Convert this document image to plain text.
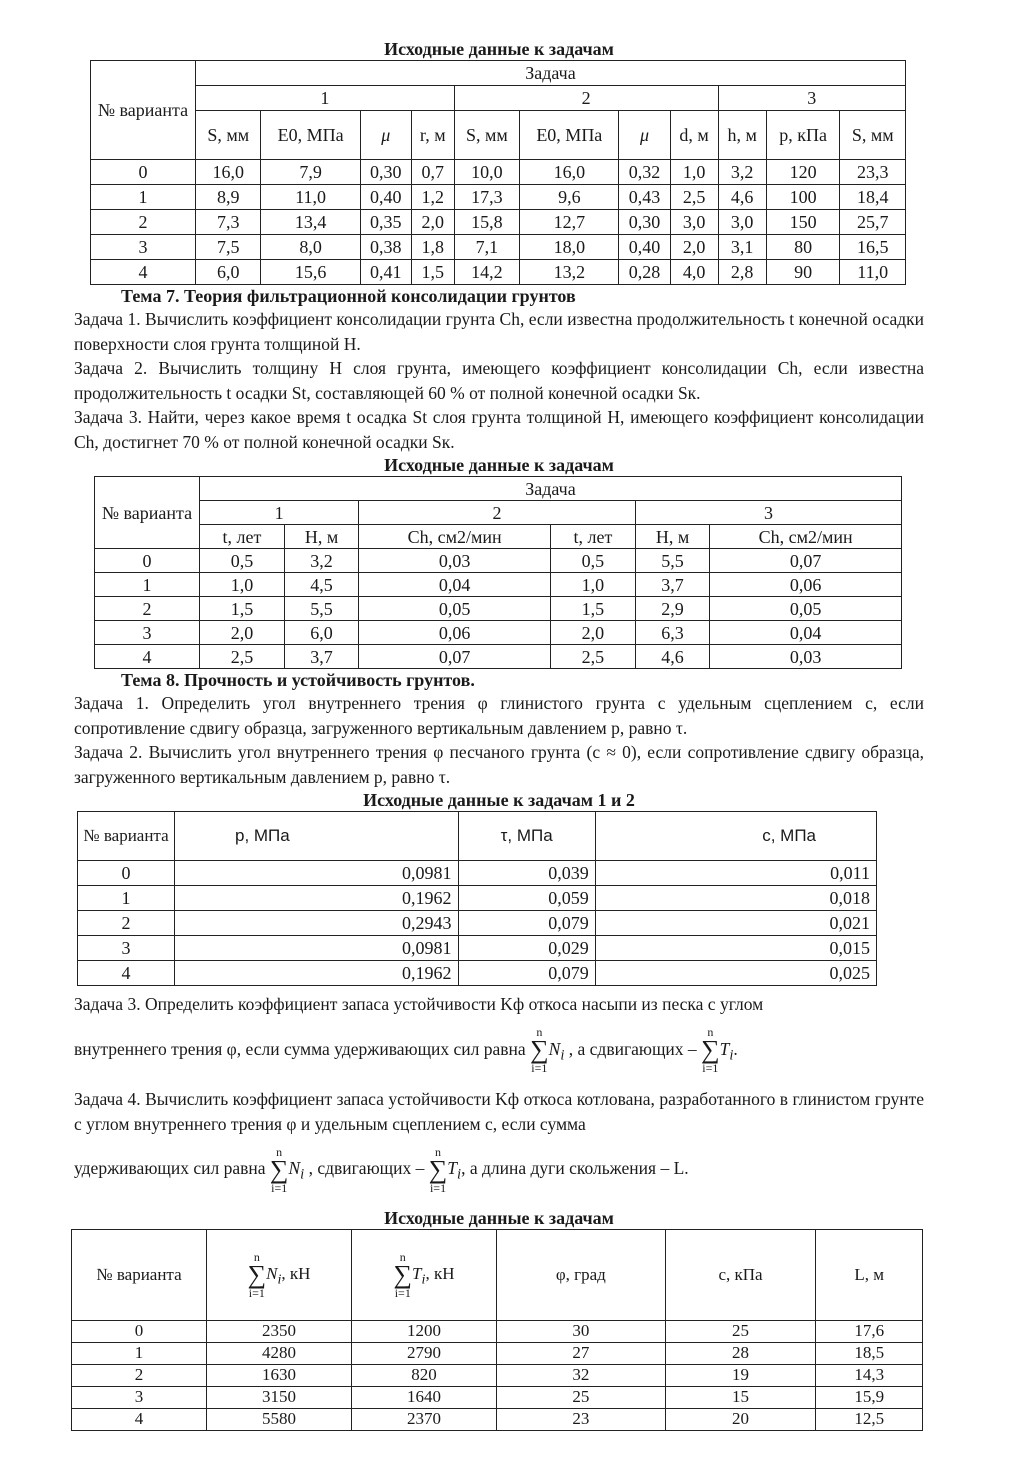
Исходные данные к задачам
№ варианта	Задача										
	1				2				3		
	S, мм	E0, МПа	μ	r, м	S, мм	E0, МПа	μ	d, м	h, м	p, кПа	S, мм
0	16,0	7,9	0,30	0,7	10,0	16,0	0,32	1,0	3,2	120	23,3
1	8,9	11,0	0,40	1,2	17,3	9,6	0,43	2,5	4,6	100	18,4
2	7,3	13,4	0,35	2,0	15,8	12,7	0,30	3,0	3,0	150	25,7
3	7,5	8,0	0,38	1,8	7,1	18,0	0,40	2,0	3,1	80	16,5
4	6,0	15,6	0,41	1,5	14,2	13,2	0,28	4,0	2,8	90	11,0
Тема 7. Теория фильтрационной консолидации грунтов
Задача 1. Вычислить коэффициент консолидации грунта Ch, если известна продолжительность t конечной осадки поверхности слоя грунта толщиной H.
Задача 2. Вычислить толщину H слоя грунта, имеющего коэффициент консолидации Ch, если известна продолжительность t осадки St, составляющей 60 % от полной конечной осадки Sк.
Задача 3. Найти, через какое время t осадка St слоя грунта толщиной H, имеющего коэффициент консолидации Ch, достигнет 70 % от полной конечной осадки Sк.
Исходные данные к задачам
№ варианта	Задача					
	1		2		3	
	t, лет	H, м	Ch, см2/мин	t, лет	H, м	Ch, см2/мин
0	0,5	3,2	0,03	0,5	5,5	0,07
1	1,0	4,5	0,04	1,0	3,7	0,06
2	1,5	5,5	0,05	1,5	2,9	0,05
3	2,0	6,0	0,06	2,0	6,3	0,04
4	2,5	3,7	0,07	2,5	4,6	0,03
Тема 8. Прочность и устойчивость грунтов.
Задача 1. Определить угол внутреннего трения φ глинистого грунта с удельным сцеплением c, если сопротивление сдвигу образца, загруженного вертикальным давлением p, равно τ.
Задача 2. Вычислить угол внутреннего трения φ песчаного грунта (c ≈ 0), если сопротивление сдвигу образца, загруженного вертикальным давлением p, равно τ.
Исходные данные к задачам 1 и 2
№ варианта	p, МПа	τ, МПа	c, МПа
0	0,0981	0,039	0,011
1	0,1962	0,059	0,018
2	0,2943	0,079	0,021
3	0,0981	0,029	0,015
4	0,1962	0,079	0,025
Задача 3. Определить коэффициент запаса устойчивости Kф откоса насыпи из песка с углом
внутреннего трения φ, если сумма удерживающих сил равна n
∑
$i=1N_i$ , а сдвигающих – n
∑
$i=1T_i$.
Задача 4. Вычислить коэффициент запаса устойчивости Kф откоса котлована, разработанного в глинистом грунте с углом внутреннего трения φ и удельным сцеплением c, если сумма
удерживающих сил равна n
∑
$i=1N_i$ , сдвигающих – n
∑
$i=1T_i$, а длина дуги скольжения – L.
Исходные данные к задачам
№ варианта	n
∑
$i=1N_i$, кН	n
∑
$i=1T_i$, кН	φ, град	c, кПа	L, м
0	2350	1200	30	25	17,6
1	4280	2790	27	28	18,5
2	1630	820	32	19	14,3
3	3150	1640	25	15	15,9
4	5580	2370	23	20	12,5
